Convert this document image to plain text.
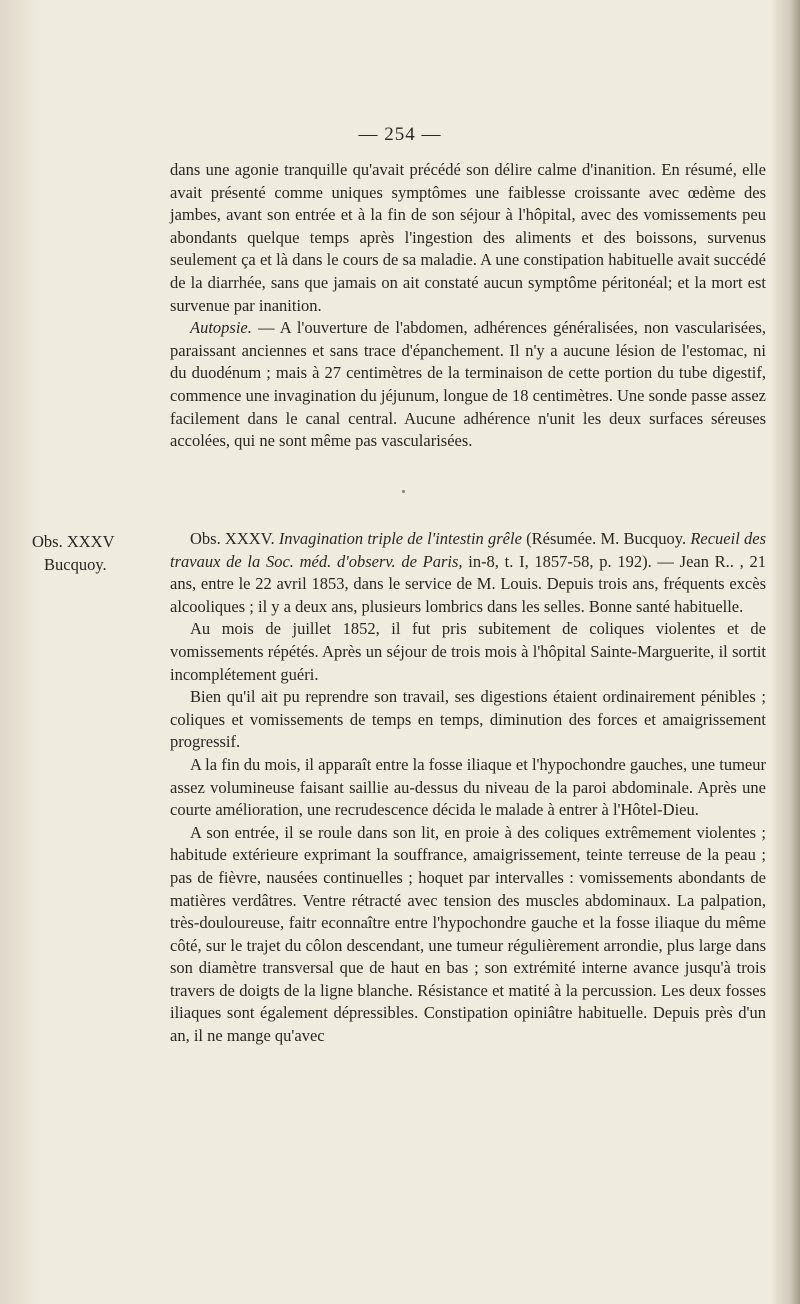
— 254 —

dans une agonie tranquille qu'avait précédé son délire calme d'inanition. En résumé, elle avait présenté comme uniques symptômes une faiblesse croissante avec œdème des jambes, avant son entrée et à la fin de son séjour à l'hôpital, avec des vomissements peu abondants quelque temps après l'ingestion des aliments et des boissons, survenus seulement ça et là dans le cours de sa maladie. A une constipation habituelle avait succédé de la diarrhée, sans que jamais on ait constaté aucun symptôme péritonéal; et la mort est survenue par inanition.

Autopsie. — A l'ouverture de l'abdomen, adhérences généralisées, non vascularisées, paraissant anciennes et sans trace d'épanchement. Il n'y a aucune lésion de l'estomac, ni du duodénum ; mais à 27 centimètres de la terminaison de cette portion du tube digestif, commence une invagination du jéjunum, longue de 18 centimètres. Une sonde passe assez facilement dans le canal central. Aucune adhérence n'unit les deux surfaces séreuses accolées, qui ne sont même pas vascularisées.

Obs. XXXV
Bucquoy.

Obs. XXXV. Invagination triple de l'intestin grêle (Résumée. M. Bucquoy. Recueil des travaux de la Soc. méd. d'observ. de Paris, in-8, t. I, 1857-58, p. 192). — Jean R.. , 21 ans, entre le 22 avril 1853, dans le service de M. Louis. Depuis trois ans, fréquents excès alcooliques ; il y a deux ans, plusieurs lombrics dans les selles. Bonne santé habituelle.

Au mois de juillet 1852, il fut pris subitement de coliques violentes et de vomissements répétés. Après un séjour de trois mois à l'hôpital Sainte-Marguerite, il sortit incomplétement guéri.

Bien qu'il ait pu reprendre son travail, ses digestions étaient ordinairement pénibles ; coliques et vomissements de temps en temps, diminution des forces et amaigrissement progressif.

A la fin du mois, il apparaît entre la fosse iliaque et l'hypochondre gauches, une tumeur assez volumineuse faisant saillie au-dessus du niveau de la paroi abdominale. Après une courte amélioration, une recrudescence décida le malade à entrer à l'Hôtel-Dieu.

A son entrée, il se roule dans son lit, en proie à des coliques extrêmement violentes ; habitude extérieure exprimant la souffrance, amaigrissement, teinte terreuse de la peau ; pas de fièvre, nausées continuelles ; hoquet par intervalles : vomissements abondants de matières verdâtres. Ventre rétracté avec tension des muscles abdominaux. La palpation, très-douloureuse, faitr econnaître entre l'hypochondre gauche et la fosse iliaque du même côté, sur le trajet du côlon descendant, une tumeur régulièrement arrondie, plus large dans son diamètre transversal que de haut en bas ; son extrémité interne avance jusqu'à trois travers de doigts de la ligne blanche. Résistance et matité à la percussion. Les deux fosses iliaques sont également dépressibles. Constipation opiniâtre habituelle. Depuis près d'un an, il ne mange qu'avec
